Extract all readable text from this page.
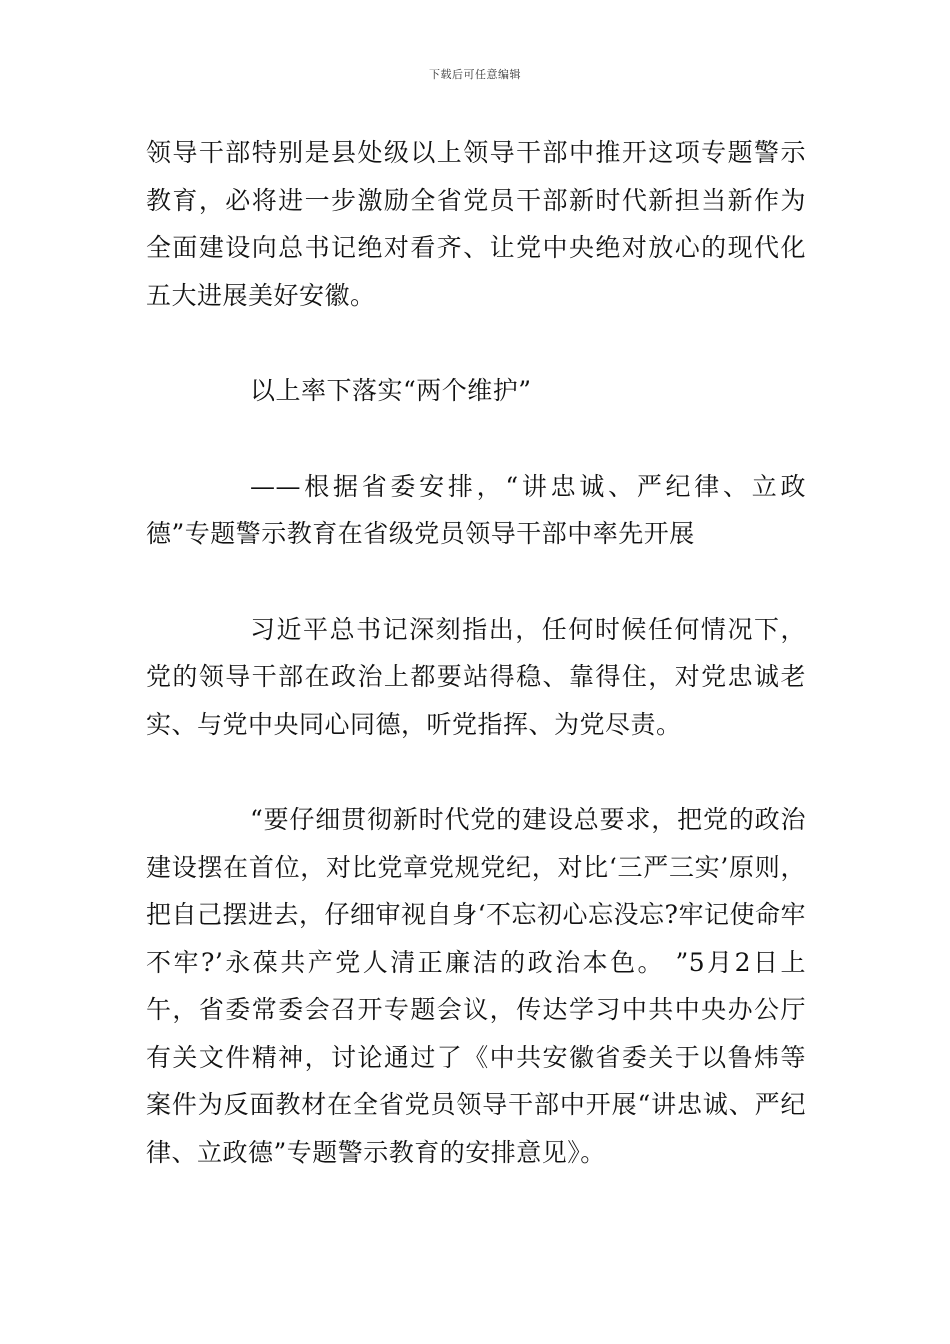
下载后可任意编辑

领导干部特别是县处级以上领导干部中推开这项专题警示教育，必将进一步激励全省党员干部新时代新担当新作为全面建设向总书记绝对看齐、让党中央绝对放心的现代化五大进展美好安徽。

以上率下落实“两个维护”

——根据省委安排，“讲忠诚、严纪律、立政德”专题警示教育在省级党员领导干部中率先开展

习近平总书记深刻指出，任何时候任何情况下，党的领导干部在政治上都要站得稳、靠得住，对党忠诚老实、与党中央同心同德，听党指挥、为党尽责。

“要仔细贯彻新时代党的建设总要求，把党的政治建设摆在首位，对比党章党规党纪，对比‘三严三实’原则，把自己摆进去，仔细审视自身‘不忘初心忘没忘?牢记使命牢不牢?’永葆共产党人清正廉洁的政治本色。 ”5月2日上午，省委常委会召开专题会议，传达学习中共中央办公厅有关文件精神，讨论通过了《中共安徽省委关于以鲁炜等案件为反面教材在全省党员领导干部中开展“讲忠诚、严纪律、立政德”专题警示教育的安排意见》。
